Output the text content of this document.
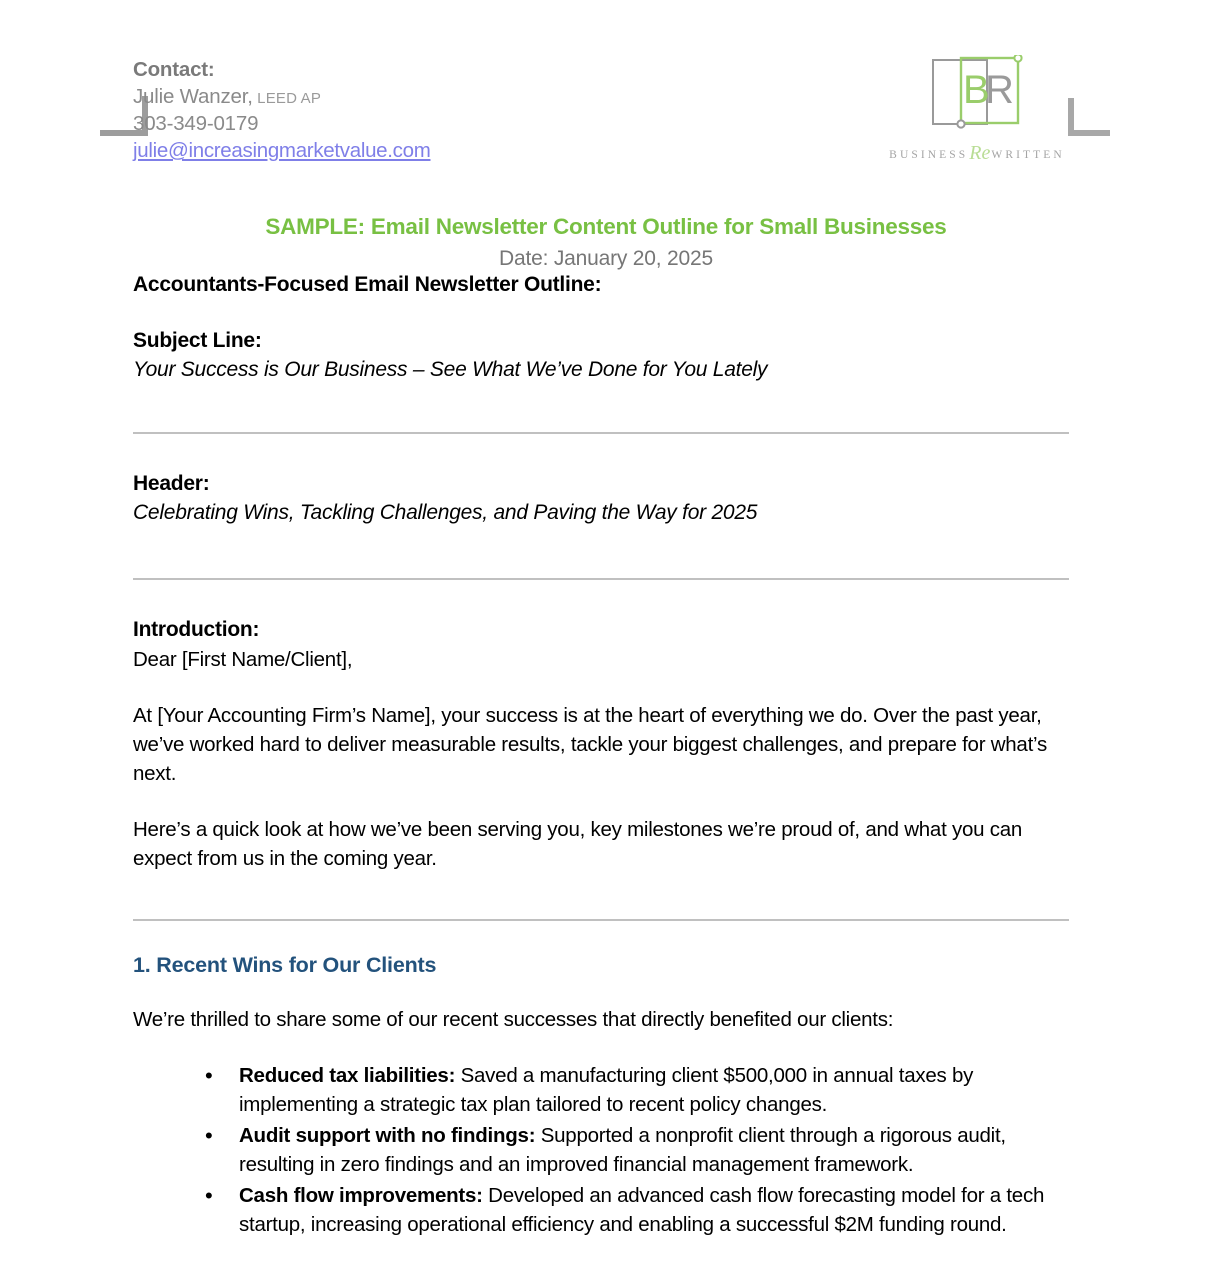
Contact:
Julie Wanzer, LEED AP
303-349-0179
julie@increasingmarketvalue.com
B
R
BUSINESSReWRITTEN

SAMPLE: Email Newsletter Content Outline for Small Businesses

Date: January 20, 2025

Accountants-Focused Email Newsletter Outline:

Subject Line:

Your Success is Our Business – See What We’ve Done for You Lately

Header:

Celebrating Wins, Tackling Challenges, and Paving the Way for 2025

Introduction:

Dear [First Name/Client],

At [Your Accounting Firm’s Name], your success is at the heart of everything we do. Over the past year, we’ve worked hard to deliver measurable results, tackle your biggest challenges, and prepare for what’s next.

Here’s a quick look at how we’ve been serving you, key milestones we’re proud of, and what you can expect from us in the coming year.

1. Recent Wins for Our Clients

We’re thrilled to share some of our recent successes that directly benefited our clients:

• Reduced tax liabilities: Saved a manufacturing client $500,000 in annual taxes by implementing a strategic tax plan tailored to recent policy changes.
• Audit support with no findings: Supported a nonprofit client through a rigorous audit, resulting in zero findings and an improved financial management framework.
• Cash flow improvements: Developed an advanced cash flow forecasting model for a tech startup, increasing operational efficiency and enabling a successful $2M funding round.
